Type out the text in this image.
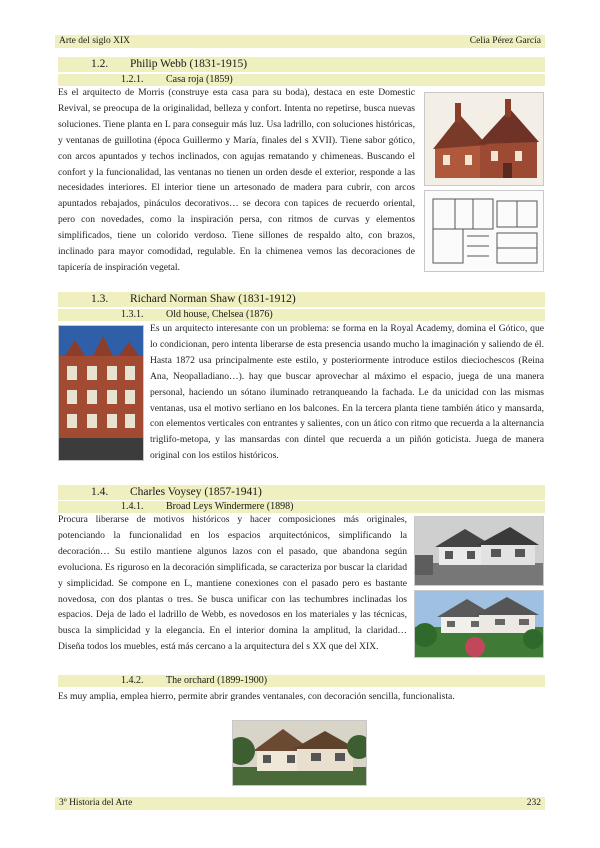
Arte del siglo XIX	Celia Pérez García
1.2. Philip Webb (1831-1915)
1.2.1. Casa roja (1859)

Es el arquitecto de Morris (construye esta casa para su boda), destaca en este Domestic Revival, se preocupa de la originalidad, belleza y confort. Intenta no repetirse, busca nuevas soluciones. Tiene planta en L para conseguir más luz. Usa ladrillo, con soluciones históricas, y ventanas de guillotina (época Guillermo y María, finales del s XVII). Tiene sabor gótico, con arcos apuntados y techos inclinados, con agujas rematando y chimeneas. Buscando el confort y la funcionalidad, las ventanas no tienen un orden desde el exterior, responde a las necesidades interiores. El interior tiene un artesonado de madera para cubrir, con arcos apuntados rebajados, pináculos decorativos… se decora con tapices de recuerdo oriental, pero con novedades, como la inspiración persa, con ritmos de curvas y elementos simplificados, tiene un colorido verdoso. Tiene sillones de respaldo alto, con brazos, inclinado para mayor comodidad, regulable. En la chimenea vemos las decoraciones de tapicería de inspiración vegetal.

1.3. Richard Norman Shaw (1831-1912)
1.3.1. Old house, Chelsea (1876)

Es un arquitecto interesante con un problema: se forma en la Royal Academy, domina el Gótico, que lo condicionan, pero intenta liberarse de esta presencia usando mucho la imaginación y saliendo de él. Hasta 1872 usa principalmente este estilo, y posteriormente introduce estilos dieciochescos (Reina Ana, Neopalladiano…). hay que buscar aprovechar al máximo el espacio, juega de una manera personal, haciendo un sótano iluminado retranqueando la fachada. Le da unicidad con las mismas ventanas, usa el motivo serliano en los balcones. En la tercera planta tiene también ático y mansarda, con elementos verticales con entrantes y salientes, con un ático con ritmo que recuerda a la alternancia triglifo-metopa, y las mansardas con dintel que recuerda a un piñón goticista. Juega de manera original con los estilos históricos.

1.4. Charles Voysey (1857-1941)
1.4.1. Broad Leys Windermere (1898)

Procura liberarse de motivos históricos y hacer composiciones más originales, potenciando la funcionalidad en los espacios arquitectónicos, simplificando la decoración… Su estilo mantiene algunos lazos con el pasado, que abandona según evoluciona. Es riguroso en la decoración simplificada, se caracteriza por buscar la claridad y simplicidad. Se compone en L, mantiene conexiones con el pasado pero es bastante novedosa, con dos plantas o tres. Se busca unificar con las techumbres inclinadas los espacios. Deja de lado el ladrillo de Webb, es novedosos en los materiales y las técnicas, busca la simplicidad y la elegancia. En el interior domina la amplitud, la claridad… Diseña todos los muebles, está más cercano a la arquitectura del s XX que del XIX.

1.4.2. The orchard (1899-1900)

Es muy amplia, emplea hierro, permite abrir grandes ventanales, con decoración sencilla, funcionalista.

3º Historia del Arte	232
